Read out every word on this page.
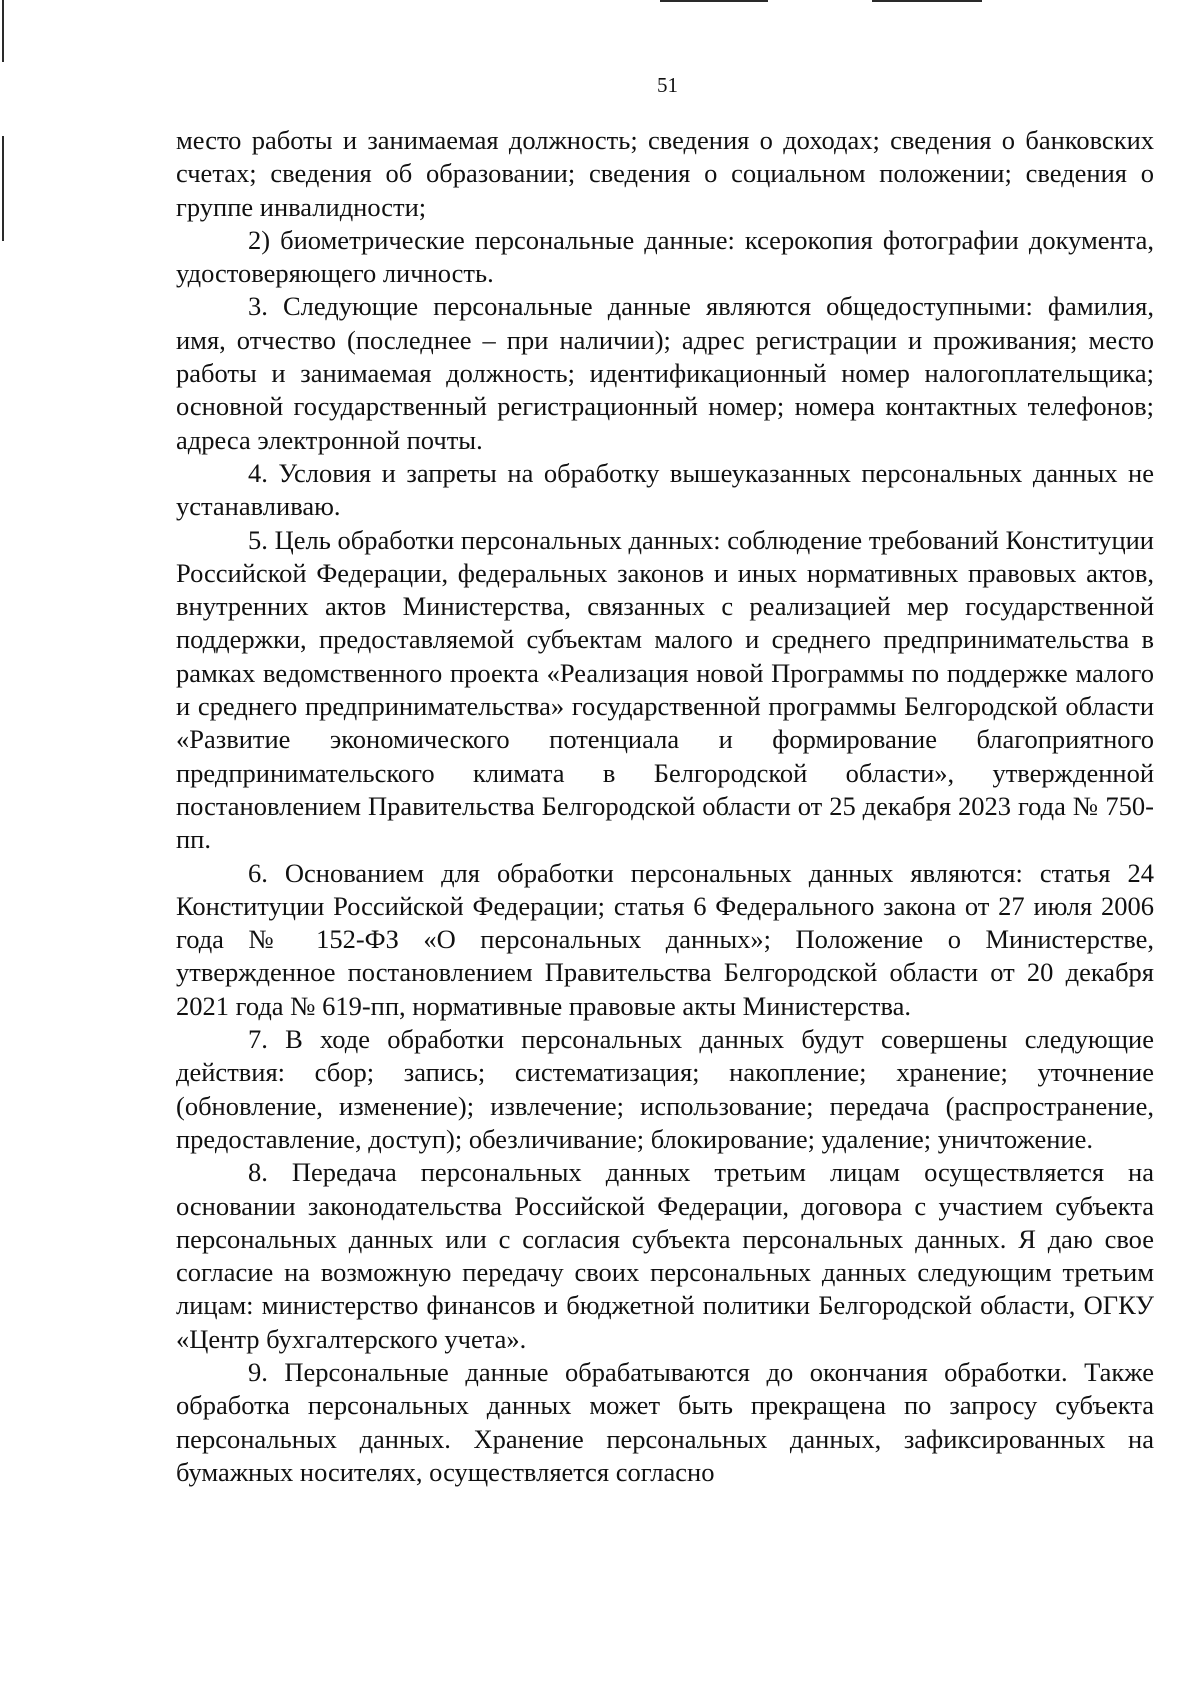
51

место работы и занимаемая должность; сведения о доходах; сведения о банковских счетах; сведения об образовании; сведения о социальном положении; сведения о группе инвалидности;

2) биометрические персональные данные: ксерокопия фотографии документа, удостоверяющего личность.

3. Следующие персональные данные являются общедоступными: фамилия, имя, отчество (последнее – при наличии); адрес регистрации и проживания; место работы и занимаемая должность; идентификационный номер налогоплательщика; основной государственный регистрационный номер; номера контактных телефонов; адреса электронной почты.

4. Условия и запреты на обработку вышеуказанных персональных данных не устанавливаю.

5. Цель обработки персональных данных: соблюдение требований Конституции Российской Федерации, федеральных законов и иных нормативных правовых актов, внутренних актов Министерства, связанных с реализацией мер государственной поддержки, предоставляемой субъектам малого и среднего предпринимательства в рамках ведомственного проекта «Реализация новой Программы по поддержке малого и среднего предпринимательства» государственной программы Белгородской области «Развитие экономического потенциала и формирование благоприятного предпринимательского климата в Белгородской области», утвержденной постановлением Правительства Белгородской области от 25 декабря 2023 года № 750-пп.

6. Основанием для обработки персональных данных являются: статья 24 Конституции Российской Федерации; статья 6 Федерального закона от 27 июля 2006 года № 152-ФЗ «О персональных данных»; Положение о Министерстве, утвержденное постановлением Правительства Белгородской области от 20 декабря 2021 года № 619-пп, нормативные правовые акты Министерства.

7. В ходе обработки персональных данных будут совершены следующие действия: сбор; запись; систематизация; накопление; хранение; уточнение (обновление, изменение); извлечение; использование; передача (распространение, предоставление, доступ); обезличивание; блокирование; удаление; уничтожение.

8. Передача персональных данных третьим лицам осуществляется на основании законодательства Российской Федерации, договора с участием субъекта персональных данных или с согласия субъекта персональных данных. Я даю свое согласие на возможную передачу своих персональных данных следующим третьим лицам: министерство финансов и бюджетной политики Белгородской области, ОГКУ «Центр бухгалтерского учета».

9. Персональные данные обрабатываются до окончания обработки. Также обработка персональных данных может быть прекращена по запросу субъекта персональных данных. Хранение персональных данных, зафиксированных на бумажных носителях, осуществляется согласно
